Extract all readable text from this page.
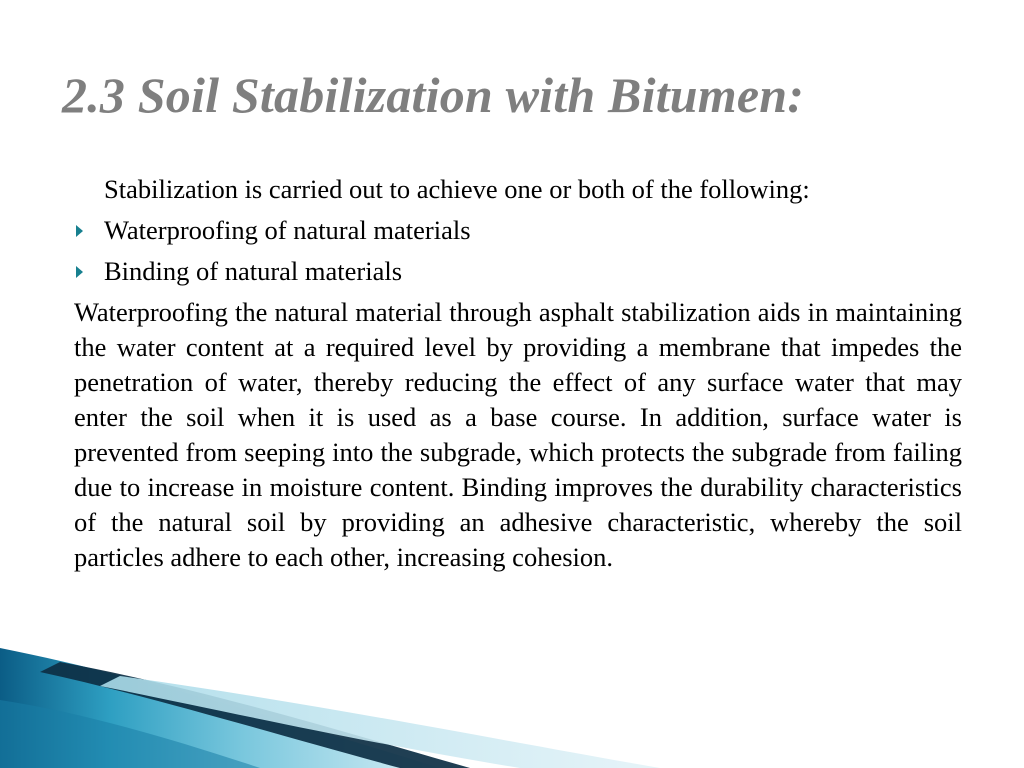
2.3 Soil Stabilization with Bitumen:

Stabilization is carried out to achieve one or both of the following:

Waterproofing of natural materials
Binding of natural materials

Waterproofing the natural material through asphalt stabilization aids in maintaining the water content at a required level by providing a membrane that impedes the penetration of water, thereby reducing the effect of any surface water that may enter the soil when it is used as a base course. In addition, surface water is prevented from seeping into the subgrade, which protects the subgrade from failing due to increase in moisture content. Binding improves the durability characteristics of the natural soil by providing an adhesive characteristic, whereby the soil particles adhere to each other, increasing cohesion.
